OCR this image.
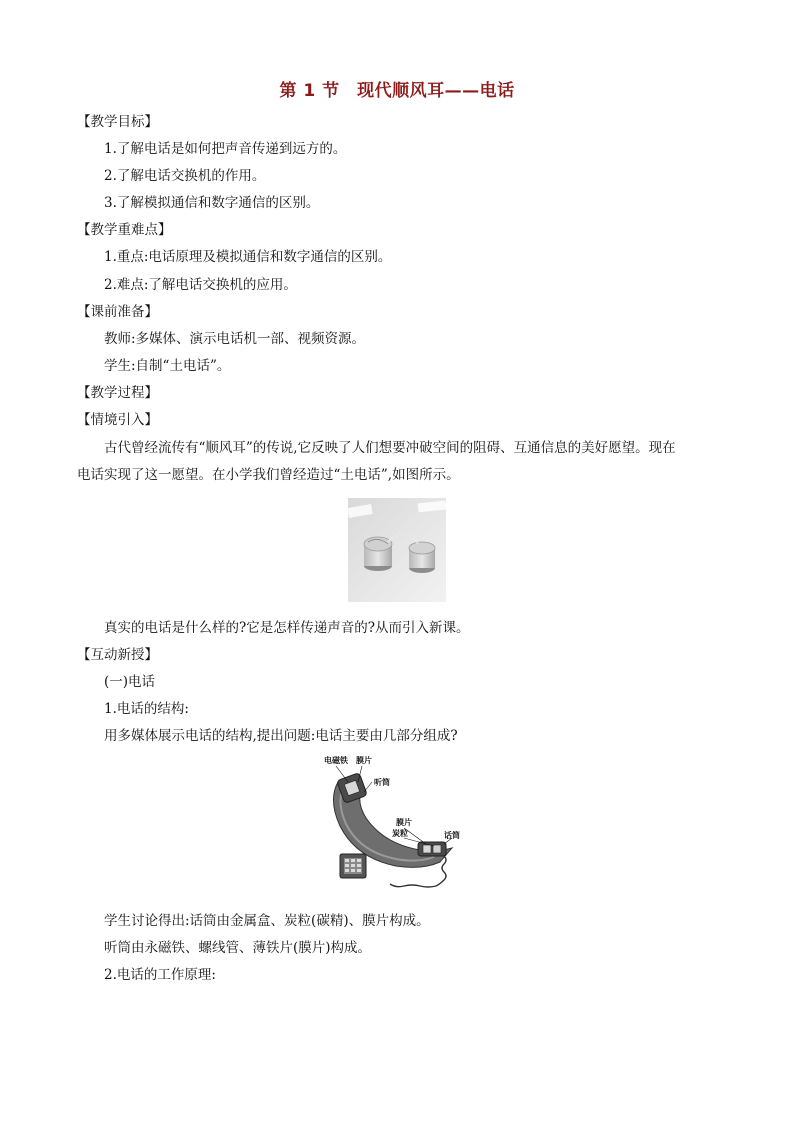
第 1 节　现代顺风耳——电话
【教学目标】
1.了解电话是如何把声音传递到远方的。
2.了解电话交换机的作用。
3.了解模拟通信和数字通信的区别。
【教学重难点】
1.重点:电话原理及模拟通信和数字通信的区别。
2.难点:了解电话交换机的应用。
【课前准备】
教师:多媒体、演示电话机一部、视频资源。
学生:自制“土电话”。
【教学过程】
【情境引入】
古代曾经流传有“顺风耳”的传说,它反映了人们想要冲破空间的阻碍、互通信息的美好愿望。现在
电话实现了这一愿望。在小学我们曾经造过“土电话”,如图所示。
真实的电话是什么样的?它是怎样传递声音的?从而引入新课。
【互动新授】
(一)电话
1.电话的结构:
用多媒体展示电话的结构,提出问题:电话主要由几部分组成?
电磁铁 膜片
听筒
膜片
炭粒	话筒
学生讨论得出:话筒由金属盒、炭粒(碳精)、膜片构成。
听筒由永磁铁、螺线管、薄铁片(膜片)构成。
2.电话的工作原理:
